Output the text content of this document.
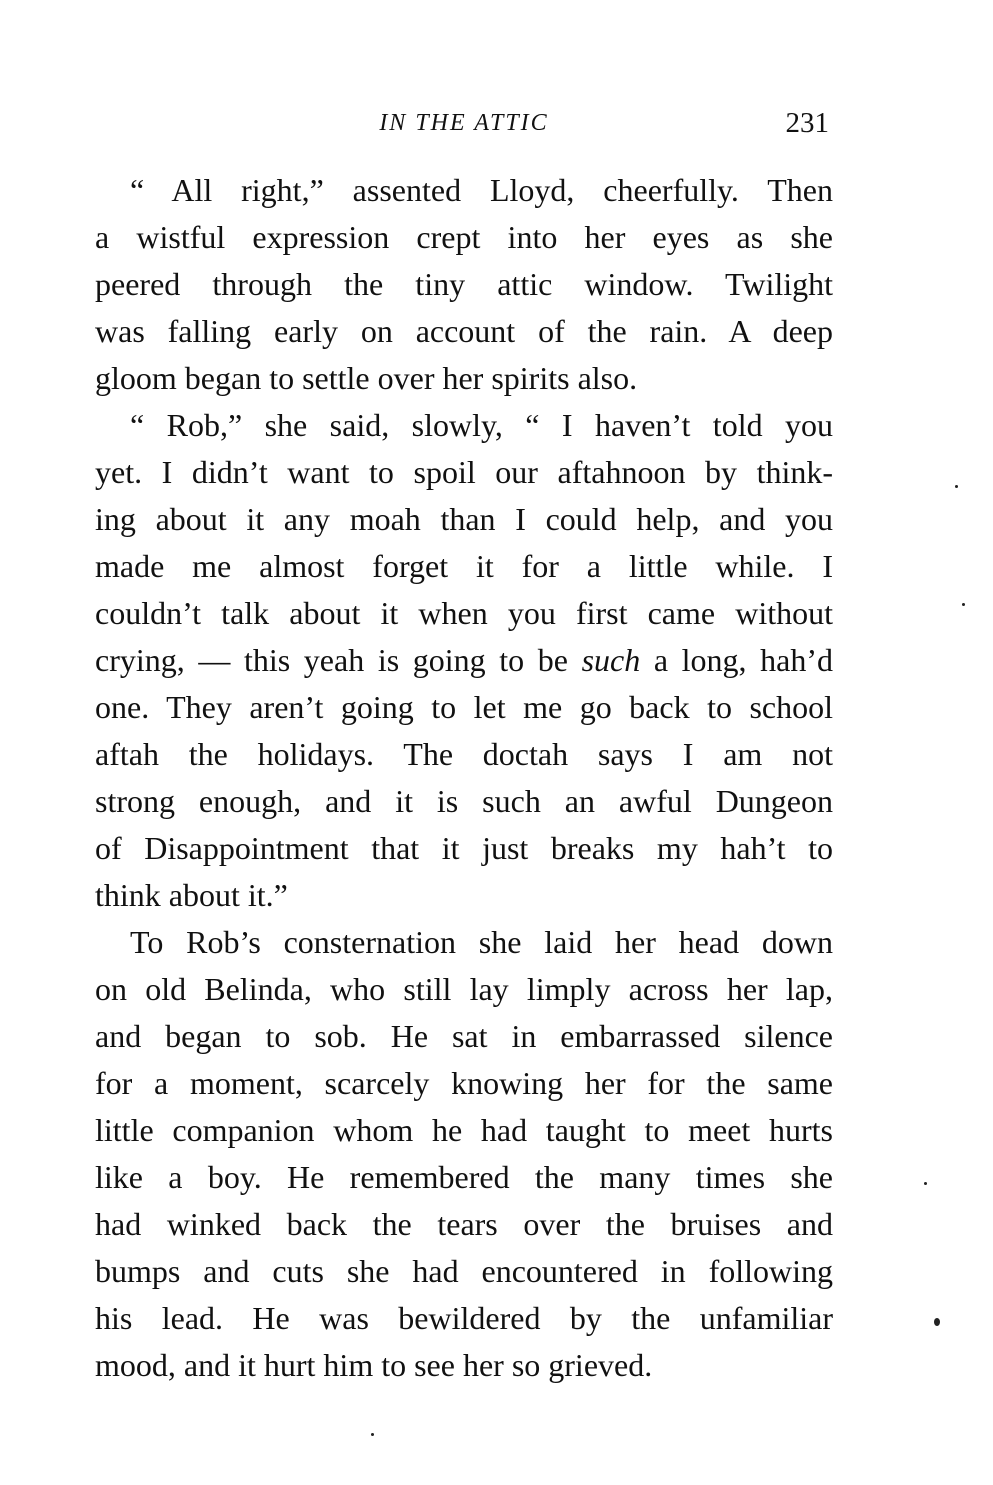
IN THE ATTIC	231
“ All right,” assented Lloyd, cheerfully. Then
a wistful expression crept into her eyes as she
peered through the tiny attic window. Twilight
was falling early on account of the rain. A deep
gloom began to settle over her spirits also.
“ Rob,” she said, slowly, “ I haven’t told you
yet. I didn’t want to spoil our aftahnoon by think-
ing about it any moah than I could help, and you
made me almost forget it for a little while. I
couldn’t talk about it when you first came without
crying, — this yeah is going to be such a long, hah’d
one. They aren’t going to let me go back to school
aftah the holidays. The doctah says I am not
strong enough, and it is such an awful Dungeon
of Disappointment that it just breaks my hah’t to
think about it.”
To Rob’s consternation she laid her head down
on old Belinda, who still lay limply across her lap,
and began to sob. He sat in embarrassed silence
for a moment, scarcely knowing her for the same
little companion whom he had taught to meet hurts
like a boy. He remembered the many times she
had winked back the tears over the bruises and
bumps and cuts she had encountered in following
his lead. He was bewildered by the unfamiliar
mood, and it hurt him to see her so grieved.
